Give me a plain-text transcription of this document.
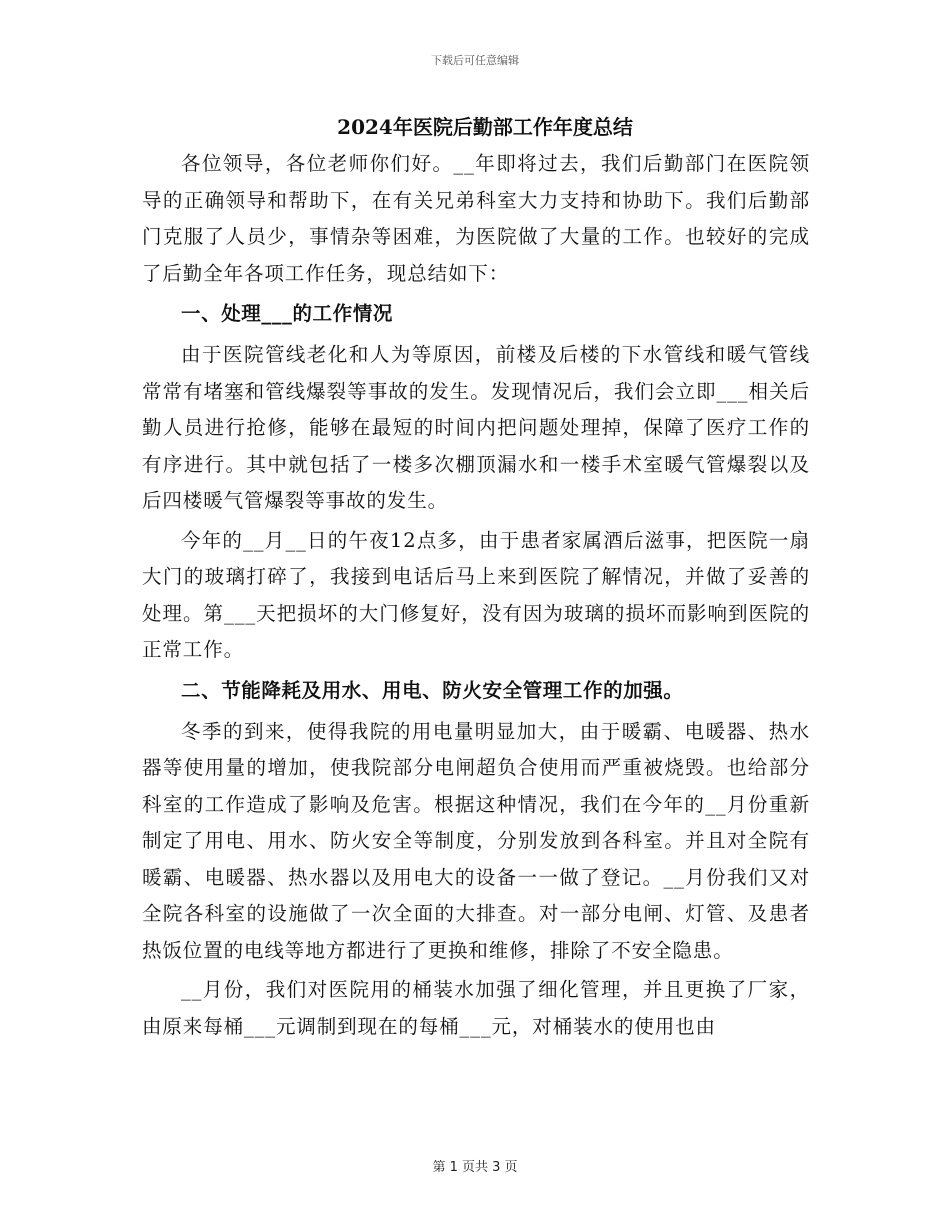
下载后可任意编辑
2024年医院后勤部工作年度总结

各位领导，各位老师你们好。__年即将过去，我们后勤部门在医院领导的正确领导和帮助下，在有关兄弟科室大力支持和协助下。我们后勤部门克服了人员少，事情杂等困难，为医院做了大量的工作。也较好的完成了后勤全年各项工作任务，现总结如下：

一、处理___的工作情况

由于医院管线老化和人为等原因，前楼及后楼的下水管线和暖气管线常常有堵塞和管线爆裂等事故的发生。发现情况后，我们会立即___相关后勤人员进行抢修，能够在最短的时间内把问题处理掉，保障了医疗工作的有序进行。其中就包括了一楼多次棚顶漏水和一楼手术室暖气管爆裂以及后四楼暖气管爆裂等事故的发生。

今年的__月__日的午夜12点多，由于患者家属酒后滋事，把医院一扇大门的玻璃打碎了，我接到电话后马上来到医院了解情况，并做了妥善的处理。第___天把损坏的大门修复好，没有因为玻璃的损坏而影响到医院的正常工作。

二、节能降耗及用水、用电、防火安全管理工作的加强。

冬季的到来，使得我院的用电量明显加大，由于暖霸、电暖器、热水器等使用量的增加，使我院部分电闸超负合使用而严重被烧毁。也给部分科室的工作造成了影响及危害。根据这种情况，我们在今年的__月份重新制定了用电、用水、防火安全等制度，分别发放到各科室。并且对全院有暖霸、电暖器、热水器以及用电大的设备一一做了登记。__月份我们又对全院各科室的设施做了一次全面的大排查。对一部分电闸、灯管、及患者热饭位置的电线等地方都进行了更换和维修，排除了不安全隐患。

__月份，我们对医院用的桶装水加强了细化管理，并且更换了厂家，由原来每桶___元调制到现在的每桶___元，对桶装水的使用也由

第 1 页共 3 页
